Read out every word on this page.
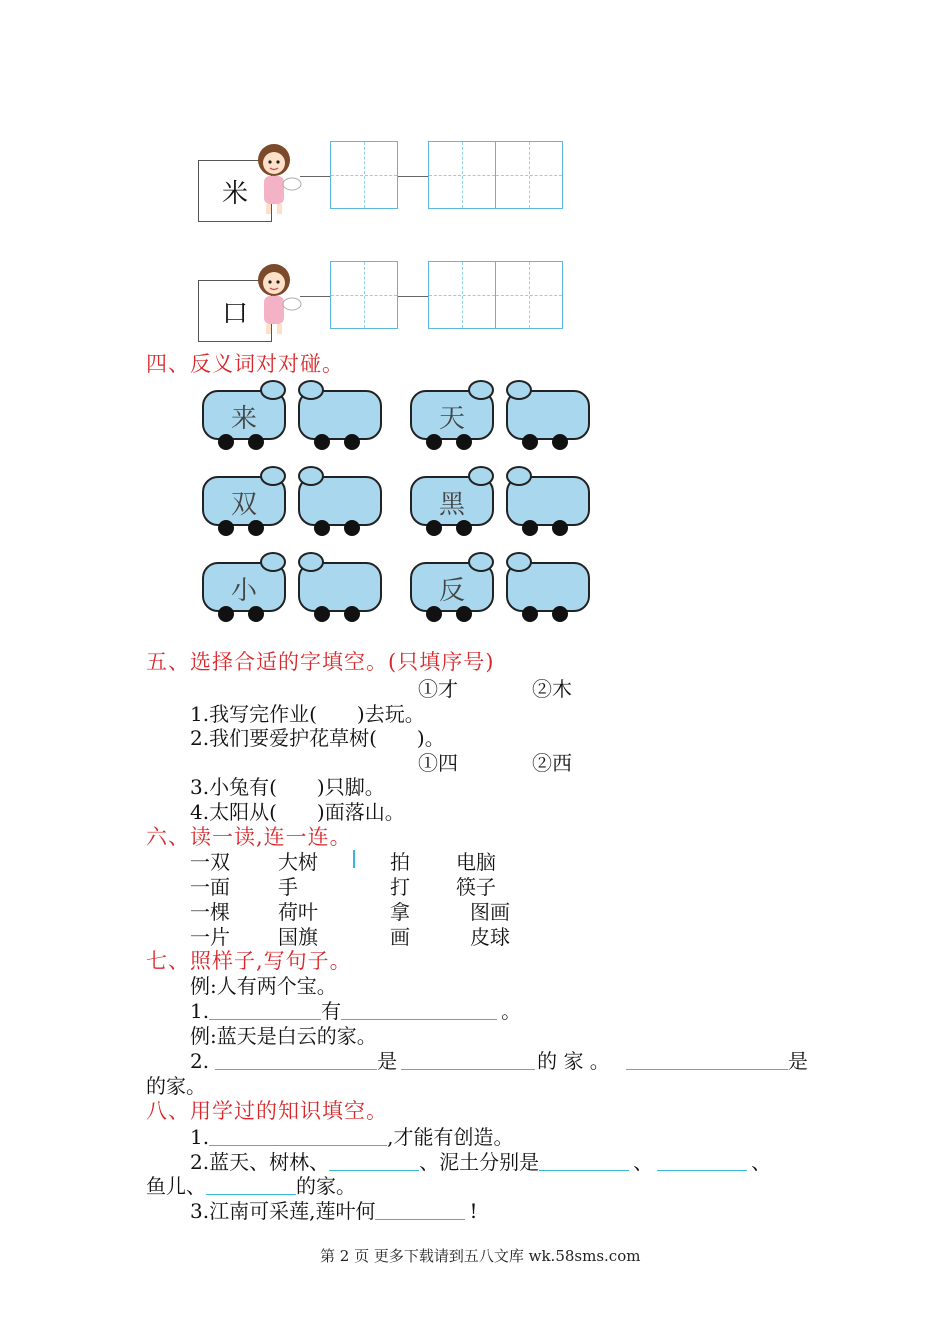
米
口
四、反义词对对碰。
来	天
双	黑
小	反
五、选择合适的字填空。(只填序号)
①才	②木
1.我写完作业( )去玩。
2.我们要爱护花草树( )。
①四	②西
3.小兔有( )只脚。
4.太阳从( )面落山。
六、读一读,连一连。
一双 大树	拍 电脑
一面 手	打 筷子
一棵 荷叶	拿	图画
一片 国旗	画	皮球
七、照样子,写句子。
例:人有两个宝。
1.	有	。
例:蓝天是白云的家。
2.	是	的 家 。	是
的家。
八、用学过的知识填空。
1.	,才能有创造。
2.蓝天、树林、	、泥土分别是	、	、
鱼儿、	的家。
3.江南可采莲,莲叶何	!
第 2 页 更多下载请到五八文库 wk.58sms.com
